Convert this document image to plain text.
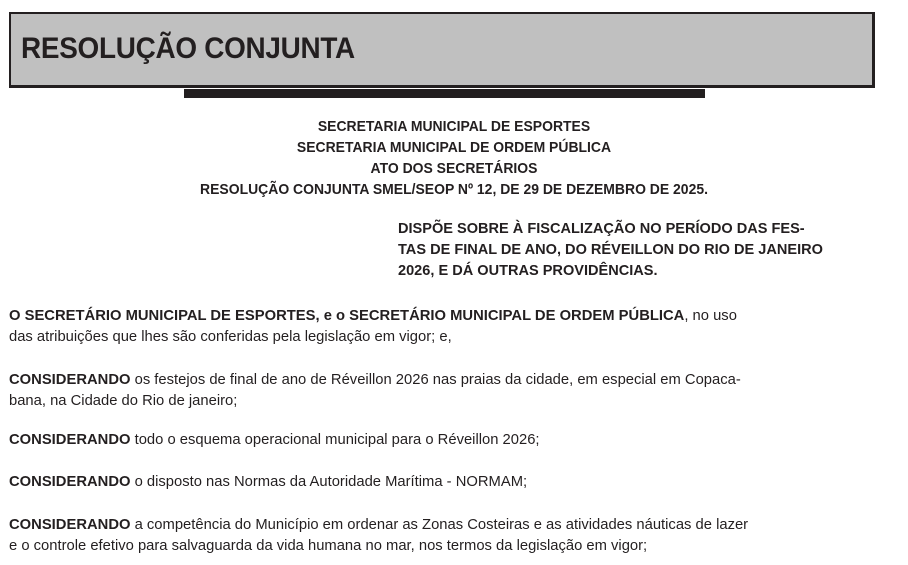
RESOLUÇÃO CONJUNTA
SECRETARIA MUNICIPAL DE ESPORTES
SECRETARIA MUNICIPAL DE ORDEM PÚBLICA
ATO DOS SECRETÁRIOS
RESOLUÇÃO CONJUNTA SMEL/SEOP Nº 12, DE 29 DE DEZEMBRO DE 2025.
DISPÕE SOBRE À FISCALIZAÇÃO NO PERÍODO DAS FES-
TAS DE FINAL DE ANO, DO RÉVEILLON DO RIO DE JANEIRO
2026, E DÁ OUTRAS PROVIDÊNCIAS.
O SECRETÁRIO MUNICIPAL DE ESPORTES, e o SECRETÁRIO MUNICIPAL DE ORDEM PÚBLICA, no uso
das atribuições que lhes são conferidas pela legislação em vigor; e,
CONSIDERANDO os festejos de final de ano de Réveillon 2026 nas praias da cidade, em especial em Copaca-
bana, na Cidade do Rio de janeiro;
CONSIDERANDO todo o esquema operacional municipal para o Réveillon 2026;
CONSIDERANDO o disposto nas Normas da Autoridade Marítima - NORMAM;
CONSIDERANDO a competência do Município em ordenar as Zonas Costeiras e as atividades náuticas de lazer
e o controle efetivo para salvaguarda da vida humana no mar, nos termos da legislação em vigor;
